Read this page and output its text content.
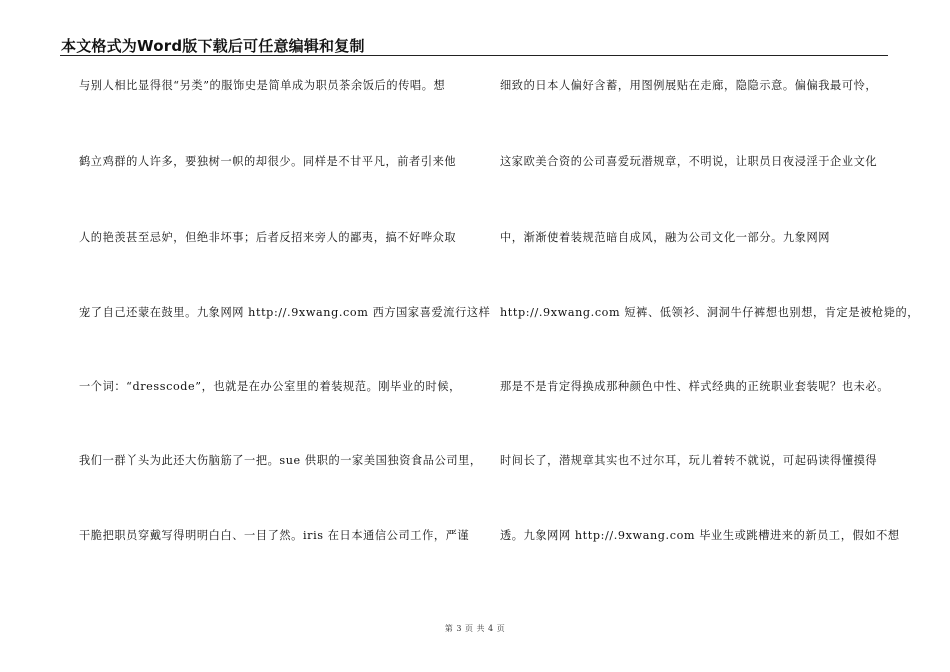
本文格式为Word版下载后可任意编辑和复制
与别人相比显得很“另类”的服饰史是简单成为职员茶余饭后的传唱。想
鹤立鸡群的人许多，要独树一帜的却很少。同样是不甘平凡，前者引来他
人的艳羡甚至忌妒，但绝非坏事；后者反招来旁人的鄙夷，搞不好哗众取
宠了自己还蒙在鼓里。九象网网 http://.9xwang.com 西方国家喜爱流行这样
一个词：“dresscode”，也就是在办公室里的着装规范。刚毕业的时候，
我们一群丫头为此还大伤脑筋了一把。sue 供职的一家美国独资食品公司里，
干脆把职员穿戴写得明明白白、一目了然。iris 在日本通信公司工作，严谨
细致的日本人偏好含蓄，用图例展贴在走廊，隐隐示意。偏偏我最可怜，
这家欧美合资的公司喜爱玩潜规章，不明说，让职员日夜浸淫于企业文化
中，渐渐使着装规范暗自成风，融为公司文化一部分。九象网网
http://.9xwang.com 短裤、低领衫、洞洞牛仔裤想也别想，肯定是被枪毙的，
那是不是肯定得换成那种颜色中性、样式经典的正统职业套装呢？也未必。
时间长了，潜规章其实也不过尔耳，玩儿着转不就说，可起码读得懂摸得
透。九象网网 http://.9xwang.com 毕业生或跳槽进来的新员工，假如不想
第 3 页 共 4 页
